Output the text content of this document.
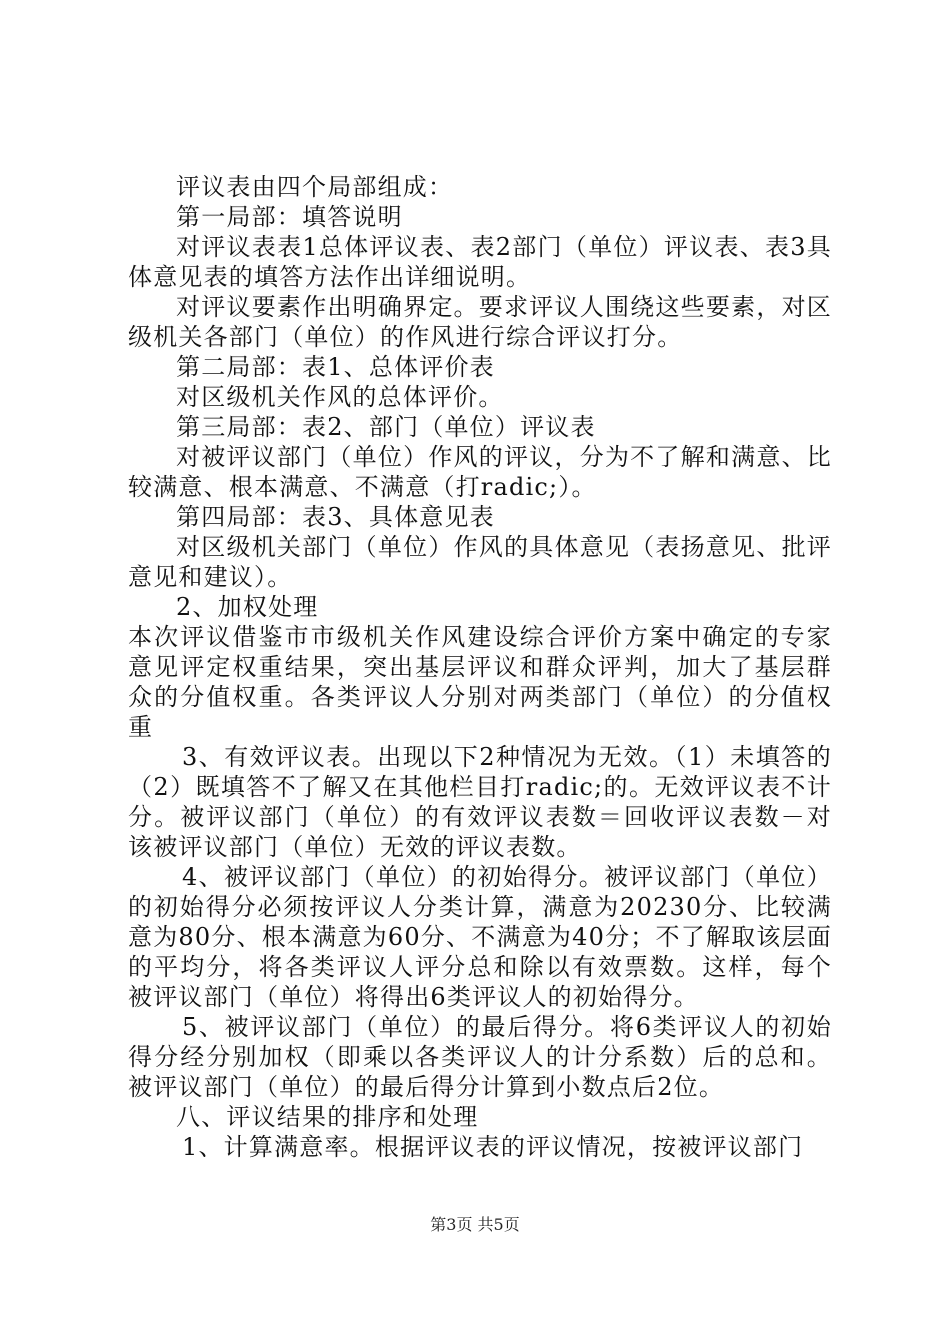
评议表由四个局部组成：

第一局部：填答说明

对评议表表1总体评议表、表2部门（单位）评议表、表3具体意见表的填答方法作出详细说明。

对评议要素作出明确界定。要求评议人围绕这些要素，对区级机关各部门（单位）的作风进行综合评议打分。

第二局部：表1、总体评价表

对区级机关作风的总体评价。

第三局部：表2、部门（单位）评议表

对被评议部门（单位）作风的评议，分为不了解和满意、比较满意、根本满意、不满意（打radic;）。

第四局部：表3、具体意见表

对区级机关部门（单位）作风的具体意见（表扬意见、批评意见和建议）。

2、加权处理

本次评议借鉴市市级机关作风建设综合评价方案中确定的专家意见评定权重结果，突出基层评议和群众评判，加大了基层群众的分值权重。各类评议人分别对两类部门（单位）的分值权重

3、有效评议表。出现以下2种情况为无效。（1）未填答的（2）既填答不了解又在其他栏目打radic;的。无效评议表不计分。被评议部门（单位）的有效评议表数＝回收评议表数－对该被评议部门（单位）无效的评议表数。

4、被评议部门（单位）的初始得分。被评议部门（单位）的初始得分必须按评议人分类计算，满意为20230分、比较满意为80分、根本满意为60分、不满意为40分；不了解取该层面的平均分，将各类评议人评分总和除以有效票数。这样，每个被评议部门（单位）将得出6类评议人的初始得分。

5、被评议部门（单位）的最后得分。将6类评议人的初始得分经分别加权（即乘以各类评议人的计分系数）后的总和。被评议部门（单位）的最后得分计算到小数点后2位。

八、评议结果的排序和处理

1、计算满意率。根据评议表的评议情况，按被评议部门

第3页 共5页
